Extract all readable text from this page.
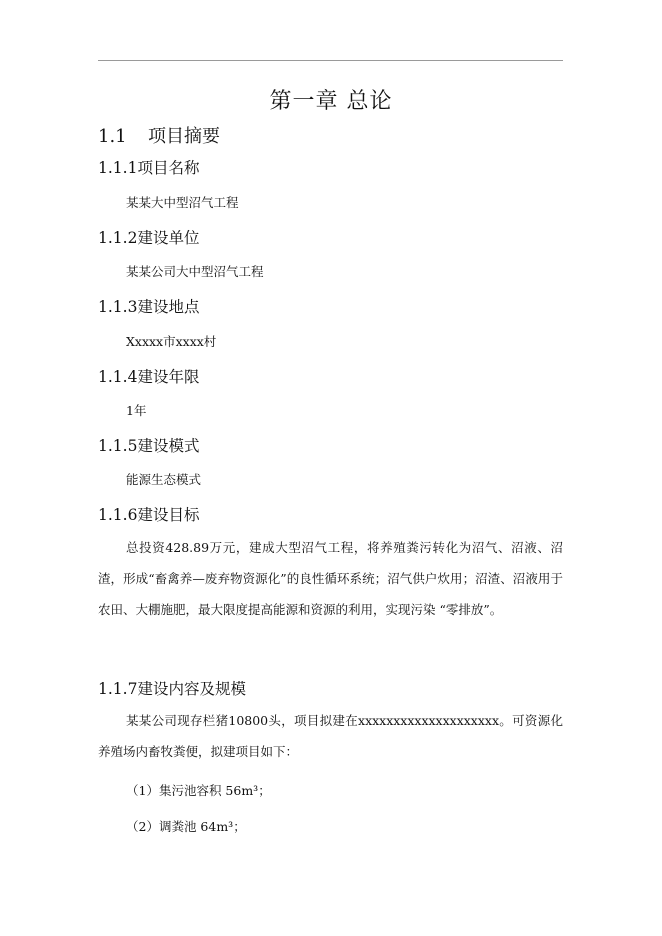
第一章 总论
1.1 项目摘要
1.1.1项目名称
某某大中型沼气工程
1.1.2建设单位
某某公司大中型沼气工程
1.1.3建设地点
Xxxxx市xxxx村
1.1.4建设年限
1年
1.1.5建设模式
能源生态模式
1.1.6建设目标
总投资428.89万元，建成大型沼气工程，将养殖粪污转化为沼气、沼液、沼渣，形成“畜禽养—废弃物资源化”的良性循环系统；沼气供户炊用；沼渣、沼液用于农田、大棚施肥，最大限度提高能源和资源的利用，实现污染 “零排放”。
1.1.7建设内容及规模
某某公司现存栏猪10800头，项目拟建在xxxxxxxxxxxxxxxxxxxx。可资源化养殖场内畜牧粪便，拟建项目如下：
（1）集污池容积 56m³；
（2）调粪池 64m³；
